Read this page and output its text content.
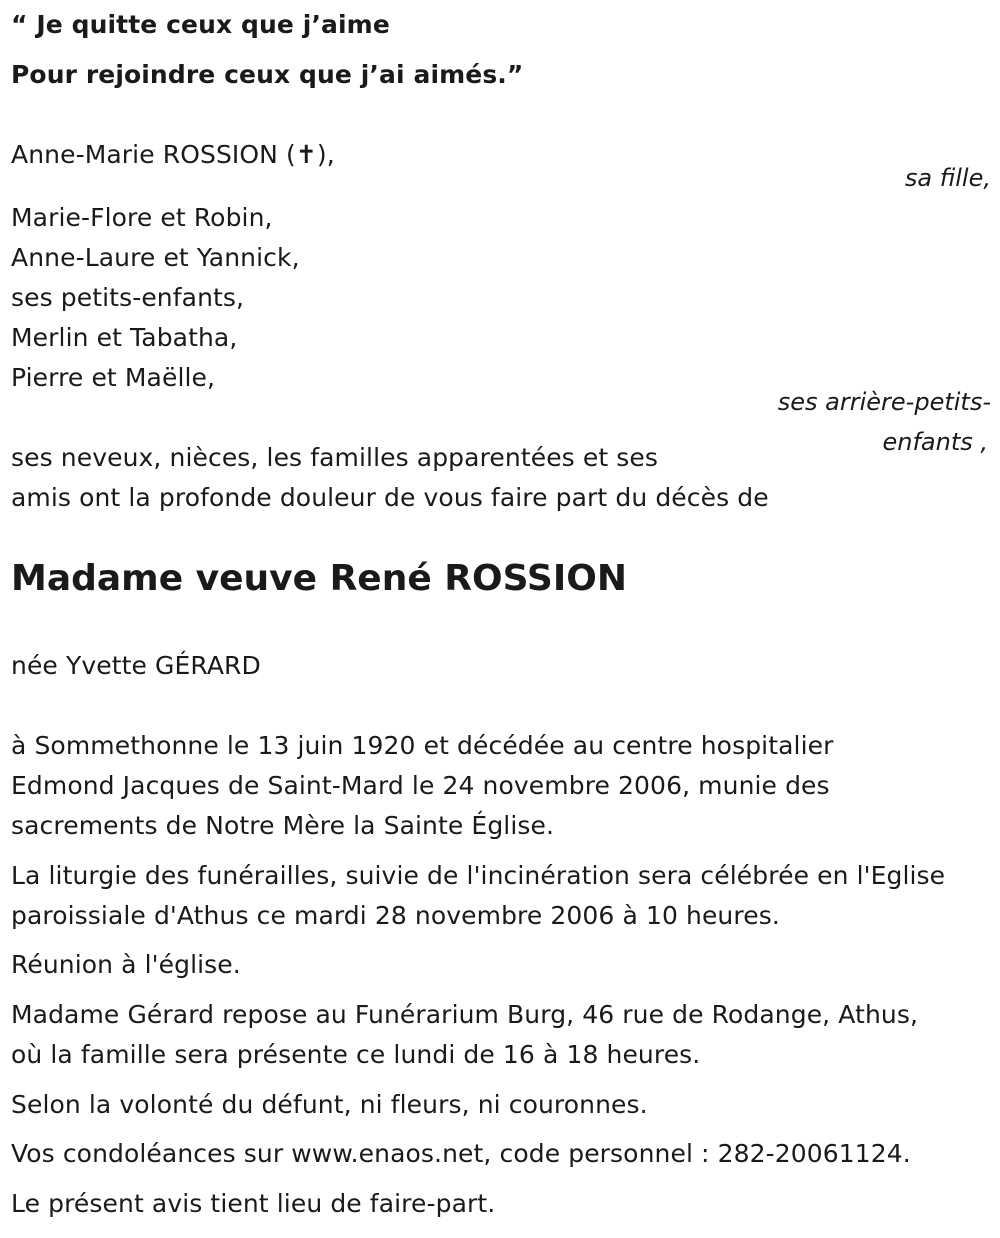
“ Je quitte ceux que j’aime
Pour rejoindre ceux que j’ai aimés.”
Anne-Marie ROSSION (✝),
sa fille,
Marie-Flore et Robin,
Anne-Laure et Yannick,
ses petits-enfants,
Merlin et Tabatha,
Pierre et Maëlle,
ses arrière-petits-
enfants ,
ses neveux, nièces, les familles apparentées et ses
amis ont la profonde douleur de vous faire part du décès de
Madame veuve René ROSSION
née Yvette GÉRARD
à Sommethonne le 13 juin 1920 et décédée au centre hospitalier
Edmond Jacques de Saint-Mard le 24 novembre 2006, munie des
sacrements de Notre Mère la Sainte Église.
La liturgie des funérailles, suivie de l'incinération sera célébrée en l'Eglise
paroissiale d'Athus ce mardi 28 novembre 2006 à 10 heures.
Réunion à l'église.
Madame Gérard repose au Funérarium Burg, 46 rue de Rodange, Athus,
où la famille sera présente ce lundi de 16 à 18 heures.
Selon la volonté du défunt, ni fleurs, ni couronnes.
Vos condoléances sur www.enaos.net, code personnel : 282-20061124.
Le présent avis tient lieu de faire-part.
